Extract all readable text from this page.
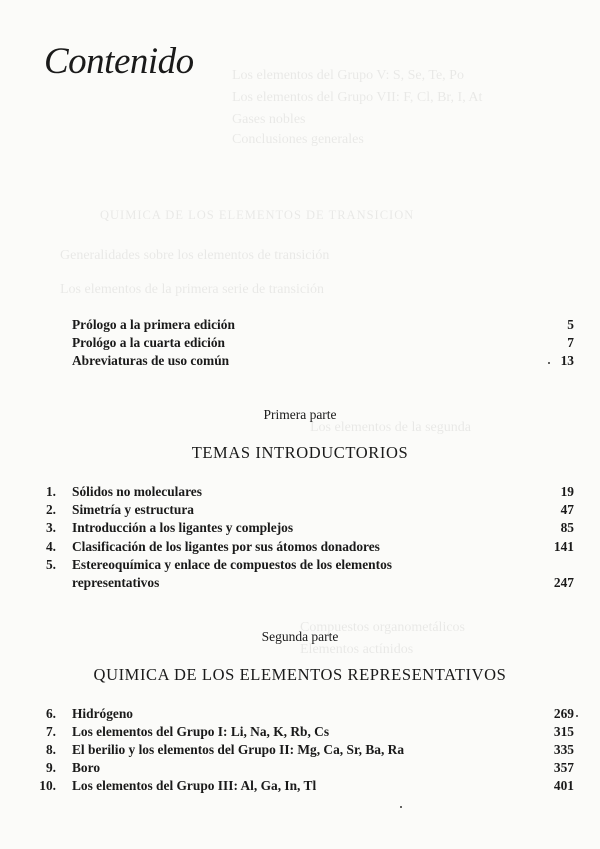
Los elementos del Grupo V: S, Se, Te, Po
Los elementos del Grupo VII: F, Cl, Br, I, At
Gases nobles
Conclusiones generales
QUIMICA DE LOS ELEMENTOS DE TRANSICION
Generalidades sobre los elementos de transición
Los elementos de la primera serie de transición
Los elementos de la segunda
Compuestos organometálicos
Elementos actínidos
Contenido
Prólogo a la primera edición	5
Prológo a la cuarta edición	7
Abreviaturas de uso común	13
Primera parte
TEMAS INTRODUCTORIOS
1. Sólidos no moleculares	19
2. Simetría y estructura	47
3. Introducción a los ligantes y complejos	85
4. Clasificación de los ligantes por sus átomos donadores	141
5. Estereoquímica y enlace de compuestos de los elementos representativos	247
Segunda parte
QUIMICA DE LOS ELEMENTOS REPRESENTATIVOS
6. Hidrógeno	269
7. Los elementos del Grupo I: Li, Na, K, Rb, Cs	315
8. El berilio y los elementos del Grupo II: Mg, Ca, Sr, Ba, Ra	335
9. Boro	357
10. Los elementos del Grupo III: Al, Ga, In, Tl	401
